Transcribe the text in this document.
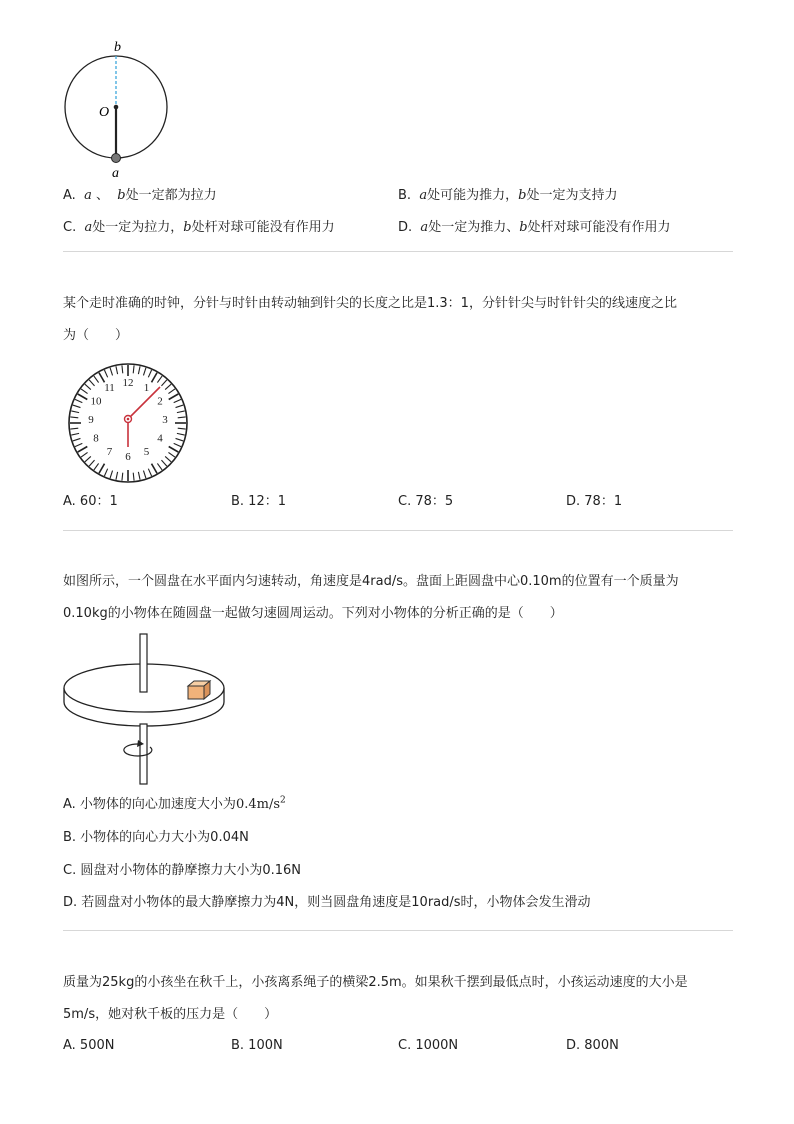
b
O
a
A. a 、 b处一定都为拉力	B. a处可能为推力，b处一定为支持力
C. a处一定为拉力，b处杆对球可能没有作用力	D. a处一定为推力、b处杆对球可能没有作用力
某个走时准确的时钟，分针与时针由转动轴到针尖的长度之比是1.3：1，分针针尖与时针针尖的线速度之比
为（　　）
12 1
2
3
4
5
6
7
8
9
10
11
A. 60：1	B. 12：1	C. 78：5	D. 78：1
如图所示，一个圆盘在水平面内匀速转动，角速度是4rad/s。盘面上距圆盘中心0.10m的位置有一个质量为
0.10kg的小物体在随圆盘一起做匀速圆周运动。下列对小物体的分析正确的是（　　）
A. 小物体的向心加速度大小为$0.4m/s^2$
B. 小物体的向心力大小为0.04N
C. 圆盘对小物体的静摩擦力大小为0.16N
D. 若圆盘对小物体的最大静摩擦力为4N，则当圆盘角速度是10rad/s时，小物体会发生滑动
质量为25kg的小孩坐在秋千上，小孩离系绳子的横梁2.5m。如果秋千摆到最低点时，小孩运动速度的大小是
5m/s，她对秋千板的压力是（　　）
A. 500N	B. 100N	C. 1000N	D. 800N
